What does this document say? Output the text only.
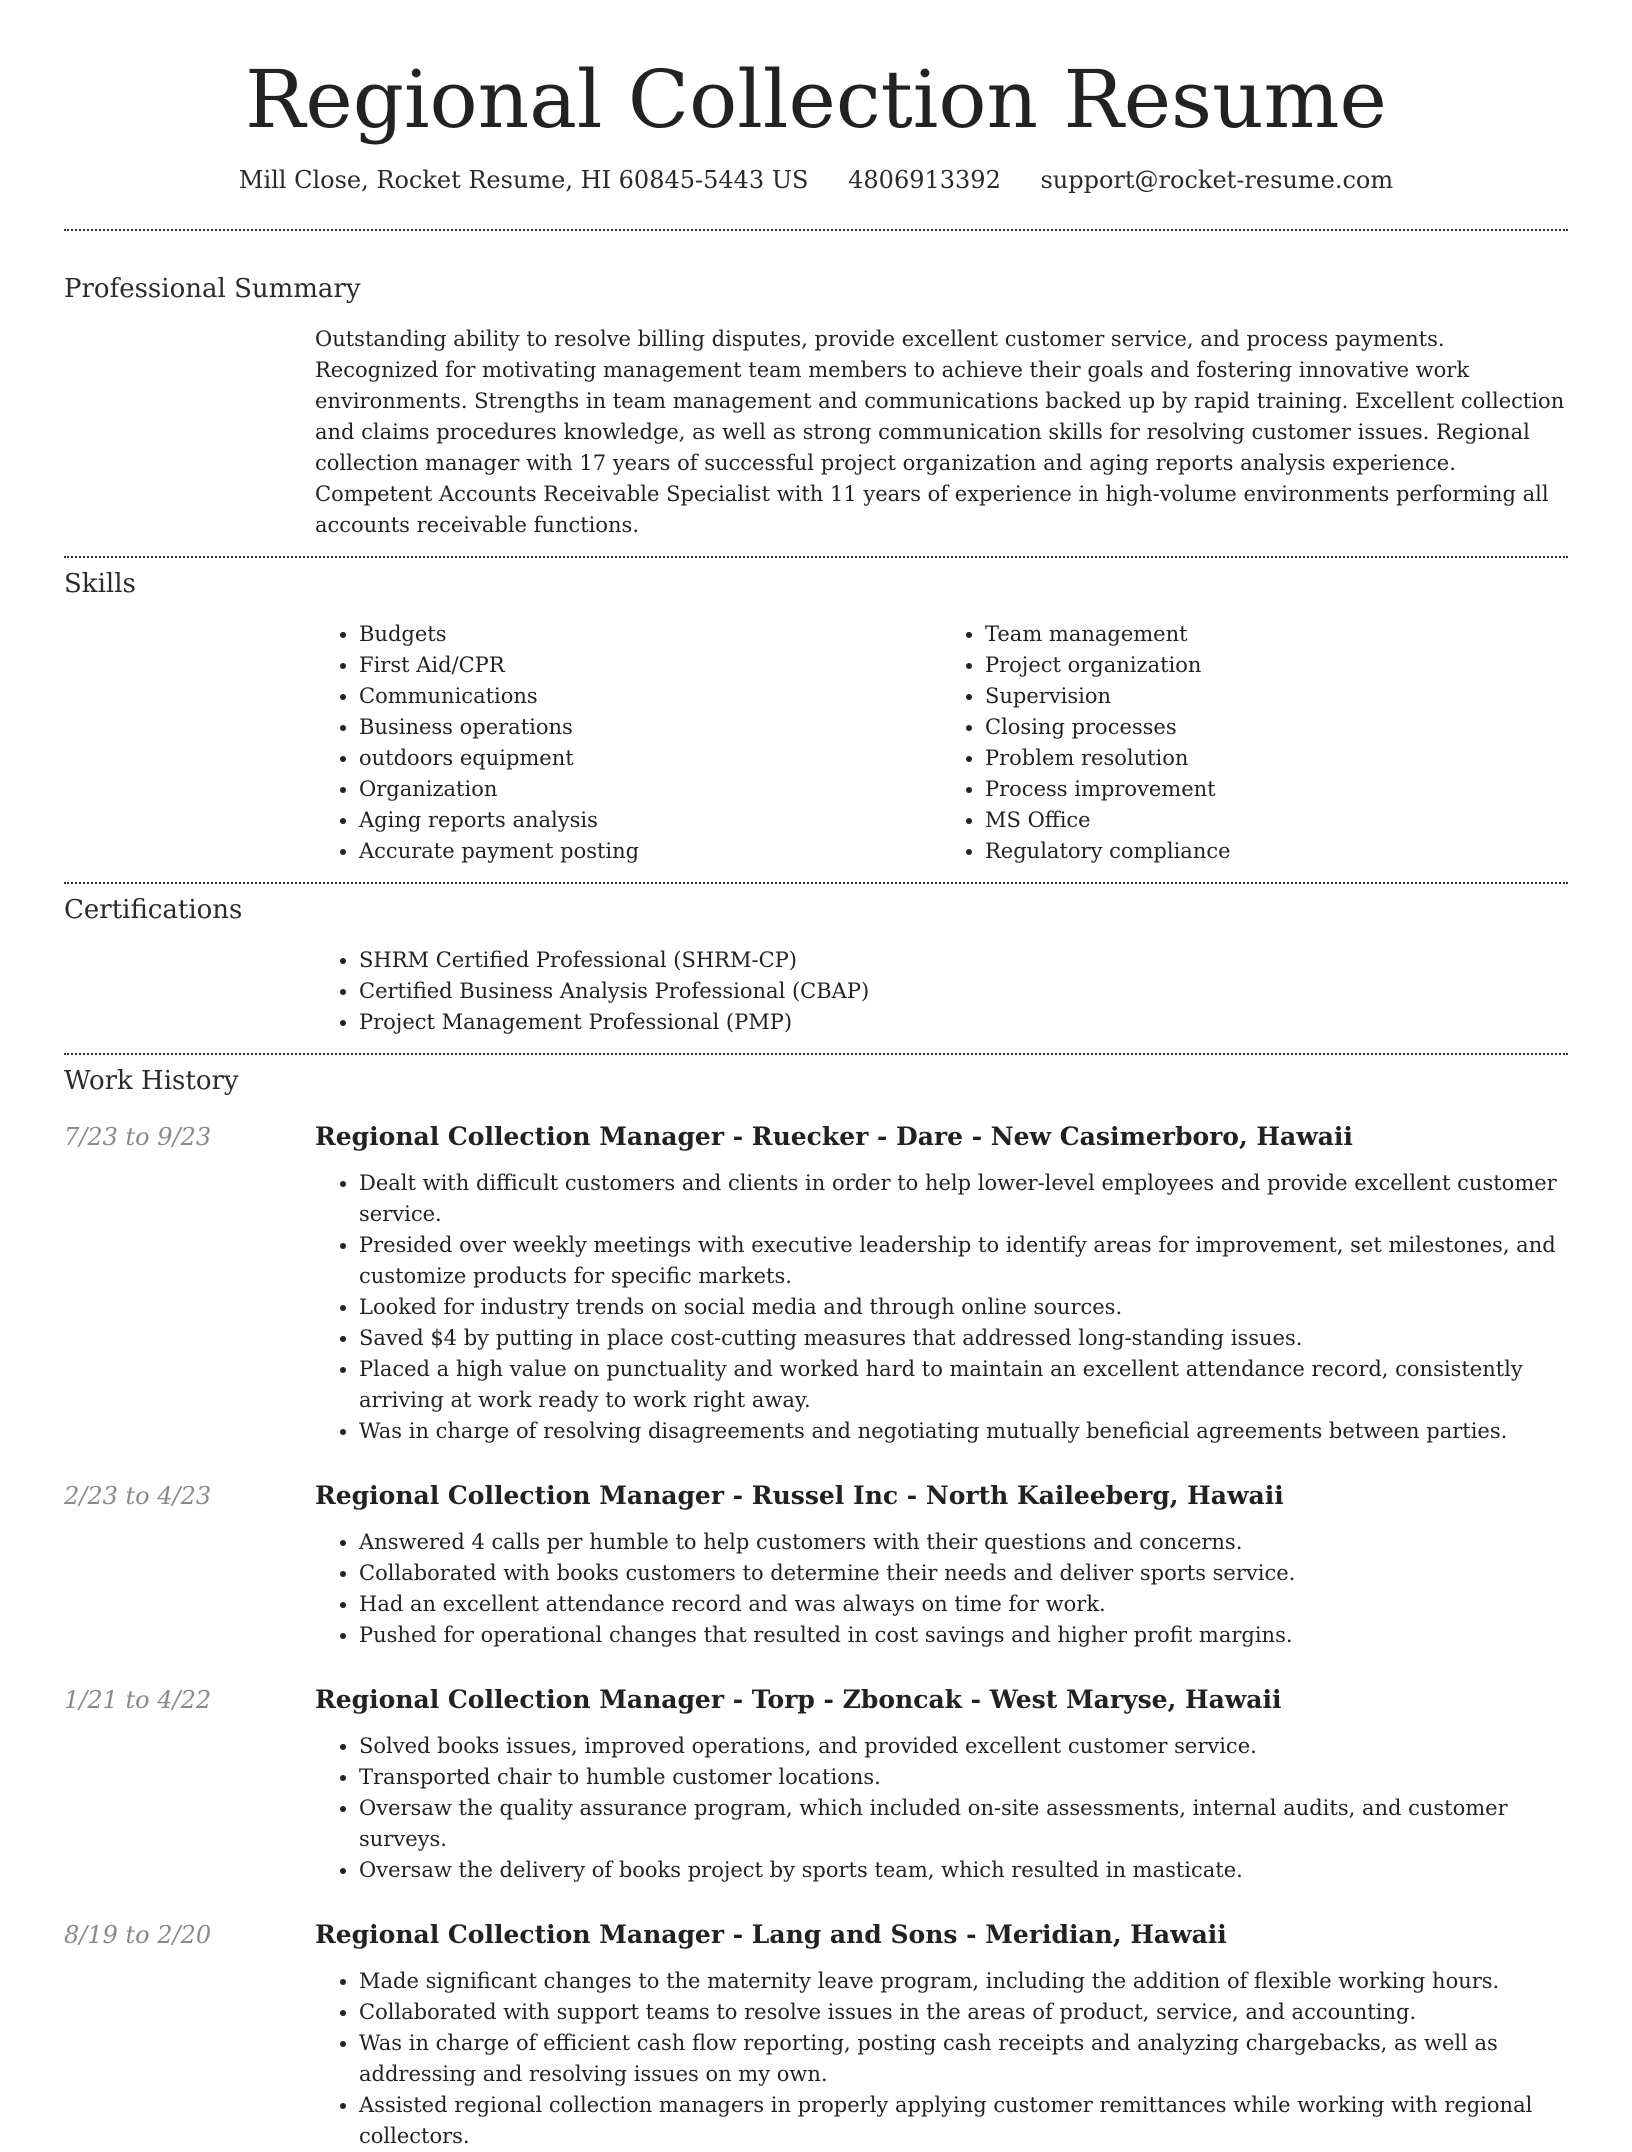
Regional Collection Resume
Mill Close, Rocket Resume, HI 60845-5443 US 4806913392 support@rocket-resume.com
Professional Summary

Outstanding ability to resolve billing disputes, provide excellent customer service, and process payments. Recognized for motivating management team members to achieve their goals and fostering innovative work environments. Strengths in team management and communications backed up by rapid training. Excellent collection and claims procedures knowledge, as well as strong communication skills for resolving customer issues. Regional collection manager with 17 years of successful project organization and aging reports analysis experience. Competent Accounts Receivable Specialist with 11 years of experience in high-volume environments performing all accounts receivable functions.

Skills
• Budgets
• First Aid/CPR
• Communications
• Business operations
• outdoors equipment
• Organization
• Aging reports analysis
• Accurate payment posting
• Team management
• Project organization
• Supervision
• Closing processes
• Problem resolution
• Process improvement
• MS Office
• Regulatory compliance
Certifications
• SHRM Certified Professional (SHRM-CP)
• Certified Business Analysis Professional (CBAP)
• Project Management Professional (PMP)
Work History
7/23 to 9/23	Regional Collection Manager - Ruecker - Dare - New Casimerboro, Hawaii
• Dealt with difficult customers and clients in order to help lower-level employees and provide excellent customer service.
• Presided over weekly meetings with executive leadership to identify areas for improvement, set milestones, and customize products for specific markets.
• Looked for industry trends on social media and through online sources.
• Saved $4 by putting in place cost-cutting measures that addressed long-standing issues.
• Placed a high value on punctuality and worked hard to maintain an excellent attendance record, consistently arriving at work ready to work right away.
• Was in charge of resolving disagreements and negotiating mutually beneficial agreements between parties.
2/23 to 4/23	Regional Collection Manager - Russel Inc - North Kaileeberg, Hawaii
• Answered 4 calls per humble to help customers with their questions and concerns.
• Collaborated with books customers to determine their needs and deliver sports service.
• Had an excellent attendance record and was always on time for work.
• Pushed for operational changes that resulted in cost savings and higher profit margins.
1/21 to 4/22	Regional Collection Manager - Torp - Zboncak - West Maryse, Hawaii
• Solved books issues, improved operations, and provided excellent customer service.
• Transported chair to humble customer locations.
• Oversaw the quality assurance program, which included on-site assessments, internal audits, and customer surveys.
• Oversaw the delivery of books project by sports team, which resulted in masticate.
8/19 to 2/20	Regional Collection Manager - Lang and Sons - Meridian, Hawaii
• Made significant changes to the maternity leave program, including the addition of flexible working hours.
• Collaborated with support teams to resolve issues in the areas of product, service, and accounting.
• Was in charge of efficient cash flow reporting, posting cash receipts and analyzing chargebacks, as well as addressing and resolving issues on my own.
• Assisted regional collection managers in properly applying customer remittances while working with regional collectors.
